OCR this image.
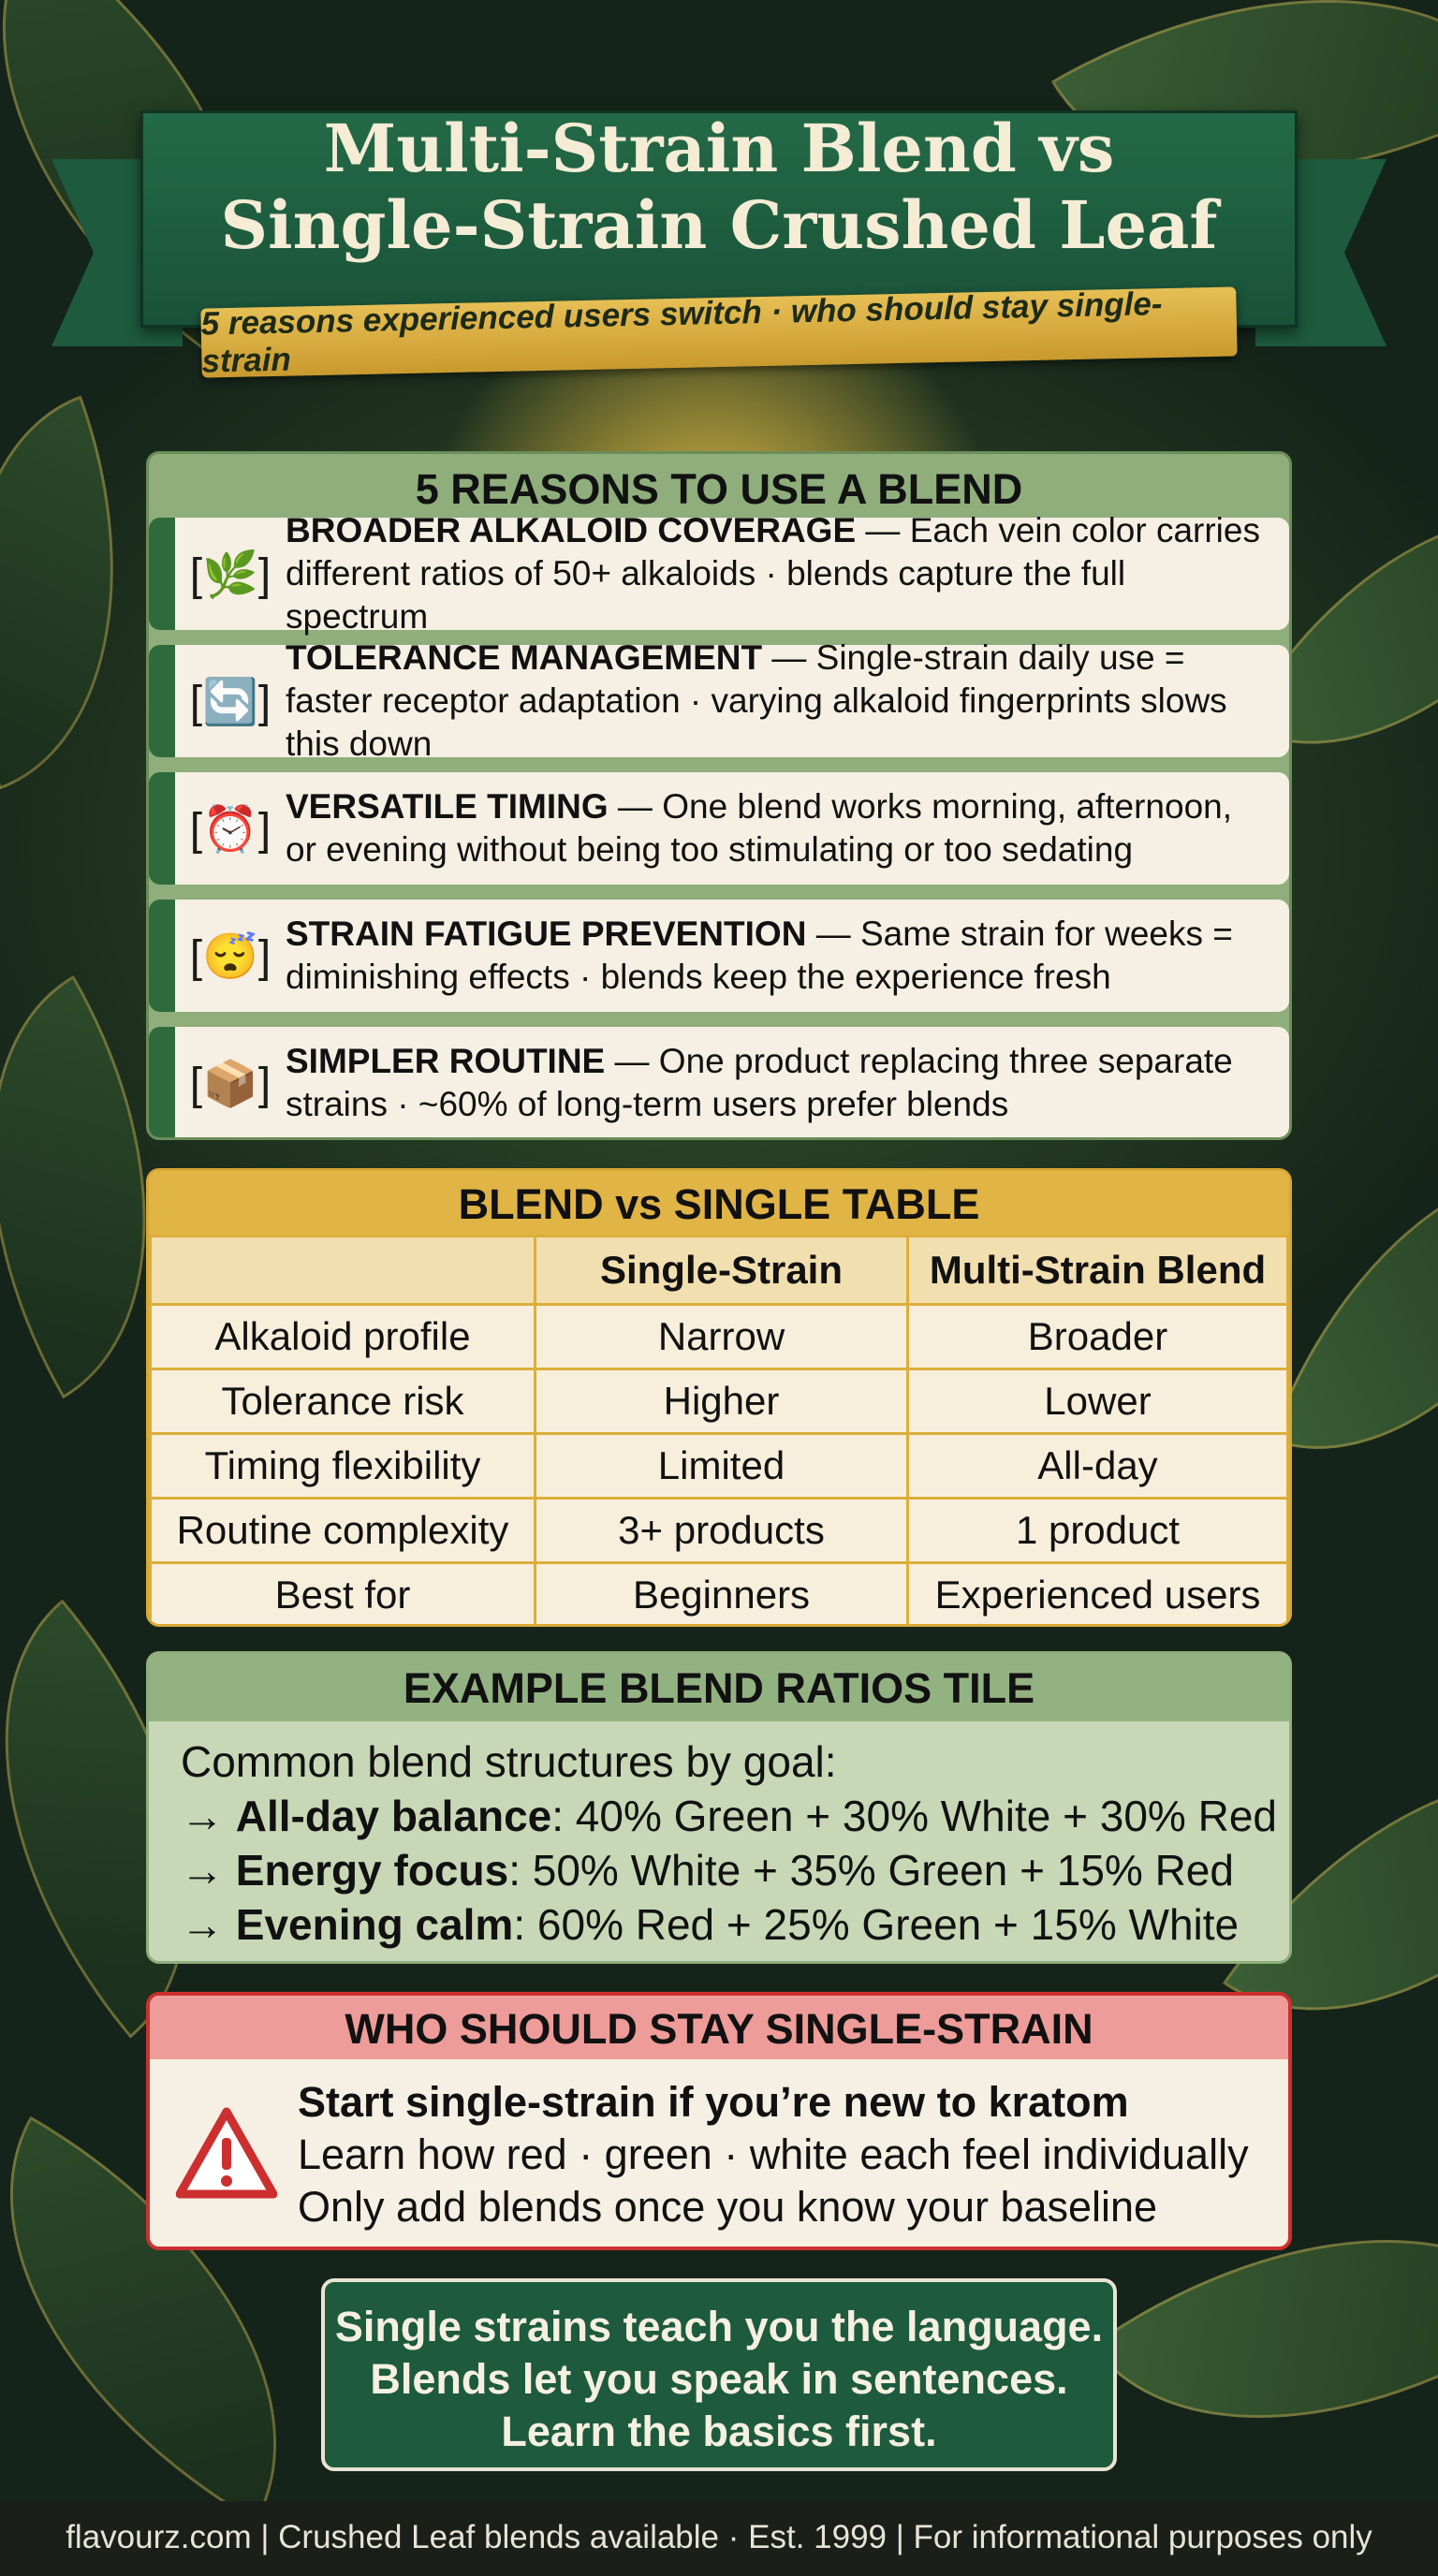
Multi-Strain Blend vs
Single-Strain Crushed Leaf
5 reasons experienced users switch · who should stay single-strain
5 REASONS TO USE A BLEND
[🌿]
BROADER ALKALOID COVERAGE — Each vein color carries different ratios of 50+ alkaloids · blends capture the full spectrum
[🔄]
TOLERANCE MANAGEMENT — Single-strain daily use = faster receptor adaptation · varying alkaloid fingerprints slows this down
[⏰] VERSATILE TIMING — One blend works morning, afternoon, or evening without being too stimulating or too sedating
[😴] STRAIN FATIGUE PREVENTION — Same strain for weeks = diminishing effects · blends keep the experience fresh
[📦] SIMPLER ROUTINE — One product replacing three separate strains · ~60% of long-term users prefer blends
BLEND vs SINGLE TABLE
	Single-Strain	Multi-Strain Blend
Alkaloid profile	Narrow	Broader
Tolerance risk	Higher	Lower
Timing flexibility	Limited	All-day
Routine complexity	3+ products	1 product
Best for	Beginners	Experienced users
EXAMPLE BLEND RATIOS TILE
Common blend structures by goal:
→ All-day balance: 40% Green + 30% White + 30% Red
→ Energy focus: 50% White + 35% Green + 15% Red
→ Evening calm: 60% Red + 25% Green + 15% White
WHO SHOULD STAY SINGLE-STRAIN
Start single-strain if you’re new to kratom
Learn how red · green · white each feel individually
Only add blends once you know your baseline
Single strains teach you the language.
Blends let you speak in sentences.
Learn the basics first.
flavourz.com | Crushed Leaf blends available · Est. 1999 | For informational purposes only
